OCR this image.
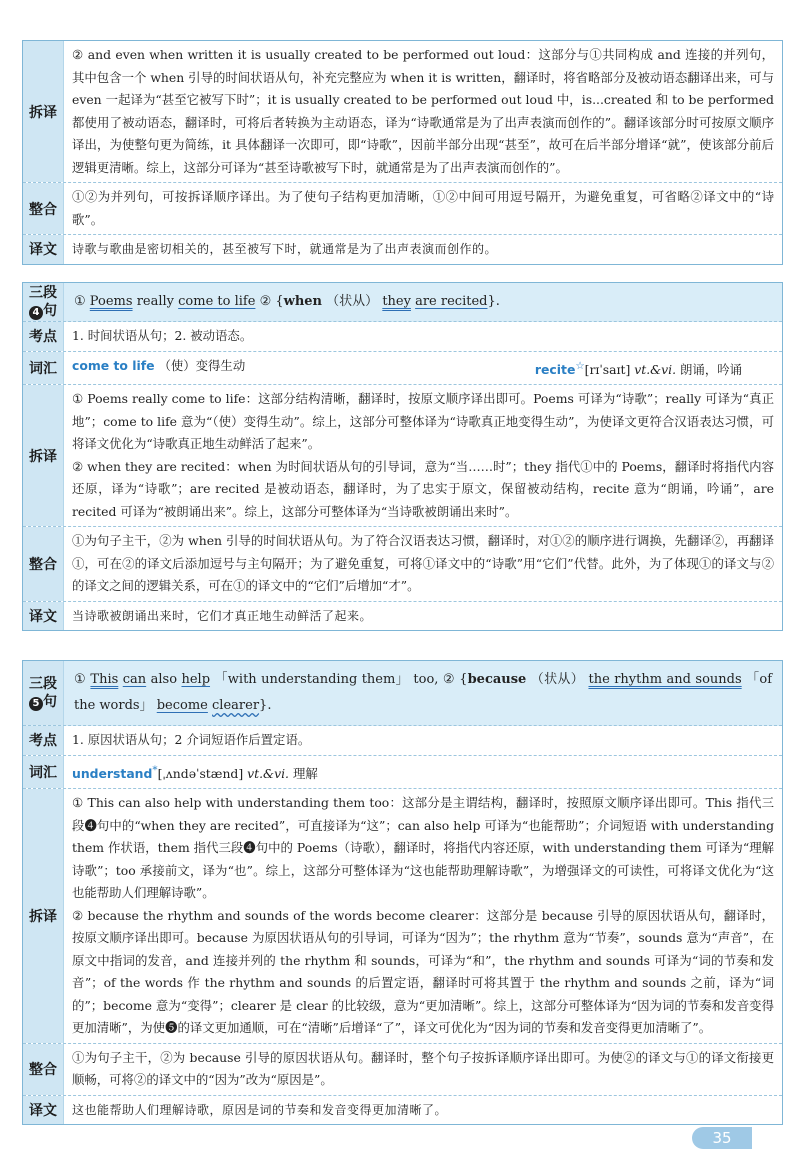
拆译
② and even when written it is usually created to be performed out loud：这部分与①共同构成 and 连接的并列句，其中包含一个 when 引导的时间状语从句，补充完整应为 when it is written，翻译时，将省略部分及被动语态翻译出来，可与 even 一起译为“甚至它被写下时”；it is usually created to be performed out loud 中，is...created 和 to be performed 都使用了被动语态，翻译时，可将后者转换为主动语态，译为“诗歌通常是为了出声表演而创作的”。翻译该部分时可按原文顺序译出，为使整句更为简练，it 具体翻译一次即可，即“诗歌”，因前半部分出现“甚至”，故可在后半部分增译“就”，使该部分前后逻辑更清晰。综上，这部分可译为“甚至诗歌被写下时，就通常是为了出声表演而创作的”。
整合
①②为并列句，可按拆译顺序译出。为了使句子结构更加清晰，①②中间可用逗号隔开，为避免重复，可省略②译文中的“诗歌”。
译文	诗歌与歌曲是密切相关的，甚至被写下时，就通常是为了出声表演而创作的。
三段
4 句
① Poems really come to life ② {when （状从） they are recited}.
考点	1. 时间状语从句；2. 被动语态。
词汇	come to life （使）变得生动	recite☆[rɪˈsaɪt] vt.&vi. 朗诵，吟诵
拆译
① Poems really come to life：这部分结构清晰，翻译时，按原文顺序译出即可。Poems 可译为“诗歌”；really 可译为“真正地”；come to life 意为“（使）变得生动”。综上，这部分可整体译为“诗歌真正地变得生动”，为使译文更符合汉语表达习惯，可将译文优化为“诗歌真正地生动鲜活了起来”。
② when they are recited：when 为时间状语从句的引导词，意为“当……时”；they 指代①中的 Poems，翻译时将指代内容还原，译为“诗歌”；are recited 是被动语态，翻译时，为了忠实于原文，保留被动结构，recite 意为“朗诵，吟诵”，are recited 可译为“被朗诵出来”。综上，这部分可整体译为“当诗歌被朗诵出来时”。
整合
①为句子主干，②为 when 引导的时间状语从句。为了符合汉语表达习惯，翻译时，对①②的顺序进行调换，先翻译②，再翻译①，可在②的译文后添加逗号与主句隔开；为了避免重复，可将①译文中的“诗歌”用“它们”代替。此外，为了体现①的译文与②的译文之间的逻辑关系，可在①的译文中的“它们”后增加“才”。
译文	当诗歌被朗诵出来时，它们才真正地生动鲜活了起来。
三段
5 句
① This can also help 「with understanding them」 too, ② {because （状从） the rhythm and sounds 「of the words」 become clearer}.
考点	1. 原因状语从句；2 介词短语作后置定语。
词汇	understand*[ˌʌndəˈstænd] vt.&vi. 理解
拆译
① This can also help with understanding them too：这部分是主谓结构，翻译时，按照原文顺序译出即可。This 指代三段❹句中的“when they are recited”，可直接译为“这”；can also help 可译为“也能帮助”；介词短语 with understanding them 作状语，them 指代三段❹句中的 Poems（诗歌），翻译时，将指代内容还原，with understanding them 可译为“理解诗歌”；too 承接前文，译为“也”。综上，这部分可整体译为“这也能帮助理解诗歌”，为增强译文的可读性，可将译文优化为“这也能帮助人们理解诗歌”。
② because the rhythm and sounds of the words become clearer：这部分是 because 引导的原因状语从句，翻译时，按原文顺序译出即可。because 为原因状语从句的引导词，可译为“因为”；the rhythm 意为“节奏”，sounds 意为“声音”，在原文中指词的发音，and 连接并列的 the rhythm 和 sounds，可译为“和”，the rhythm and sounds 可译为“词的节奏和发音”；of the words 作 the rhythm and sounds 的后置定语，翻译时可将其置于 the rhythm and sounds 之前，译为“词的”；become 意为“变得”；clearer 是 clear 的比较级，意为“更加清晰”。综上，这部分可整体译为“因为词的节奏和发音变得更加清晰”，为使❺的译文更加通顺，可在“清晰”后增译“了”，译文可优化为“因为词的节奏和发音变得更加清晰了”。
整合
①为句子主干，②为 because 引导的原因状语从句。翻译时，整个句子按拆译顺序译出即可。为使②的译文与①的译文衔接更顺畅，可将②的译文中的“因为”改为“原因是”。
译文	这也能帮助人们理解诗歌，原因是词的节奏和发音变得更加清晰了。
35
